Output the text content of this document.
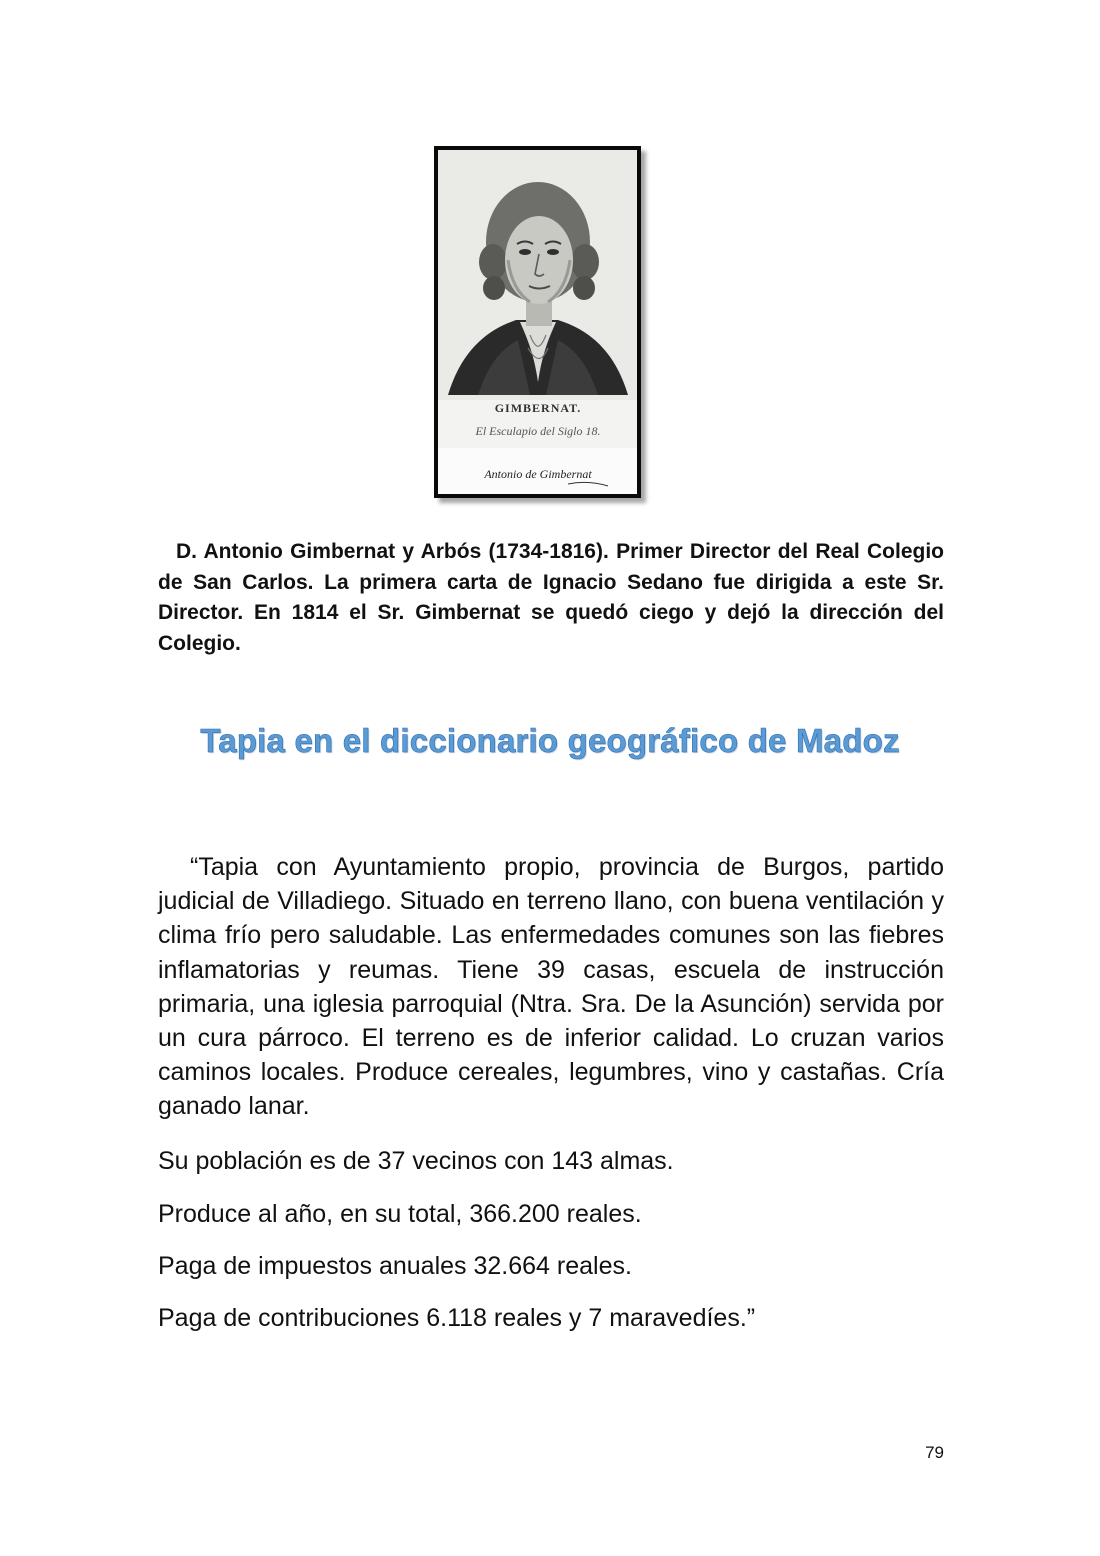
GIMBERNAT.
El Esculapio del Siglo 18.
Antonio de Gimbernat

D. Antonio Gimbernat y Arbós (1734-1816). Primer Director del Real Colegio de San Carlos. La primera carta de Ignacio Sedano fue dirigida a este Sr. Director. En 1814 el Sr. Gimbernat se quedó ciego y dejó la dirección del Colegio.

Tapia en el diccionario geográfico de Madoz

“Tapia con Ayuntamiento propio, provincia de Burgos, partido judicial de Villadiego. Situado en terreno llano, con buena ventilación y clima frío pero saludable. Las enfermedades comunes son las fiebres inflamatorias y reumas. Tiene 39 casas, escuela de instrucción primaria, una iglesia parroquial (Ntra. Sra. De la Asunción) servida por un cura párroco. El terreno es de inferior calidad. Lo cruzan varios caminos locales. Produce cereales, legumbres, vino y castañas. Cría ganado lanar.

Su población es de 37 vecinos con 143 almas.

Produce al año, en su total, 366.200 reales.

Paga de impuestos anuales 32.664 reales.

Paga de contribuciones 6.118 reales y 7 maravedíes.”

79
